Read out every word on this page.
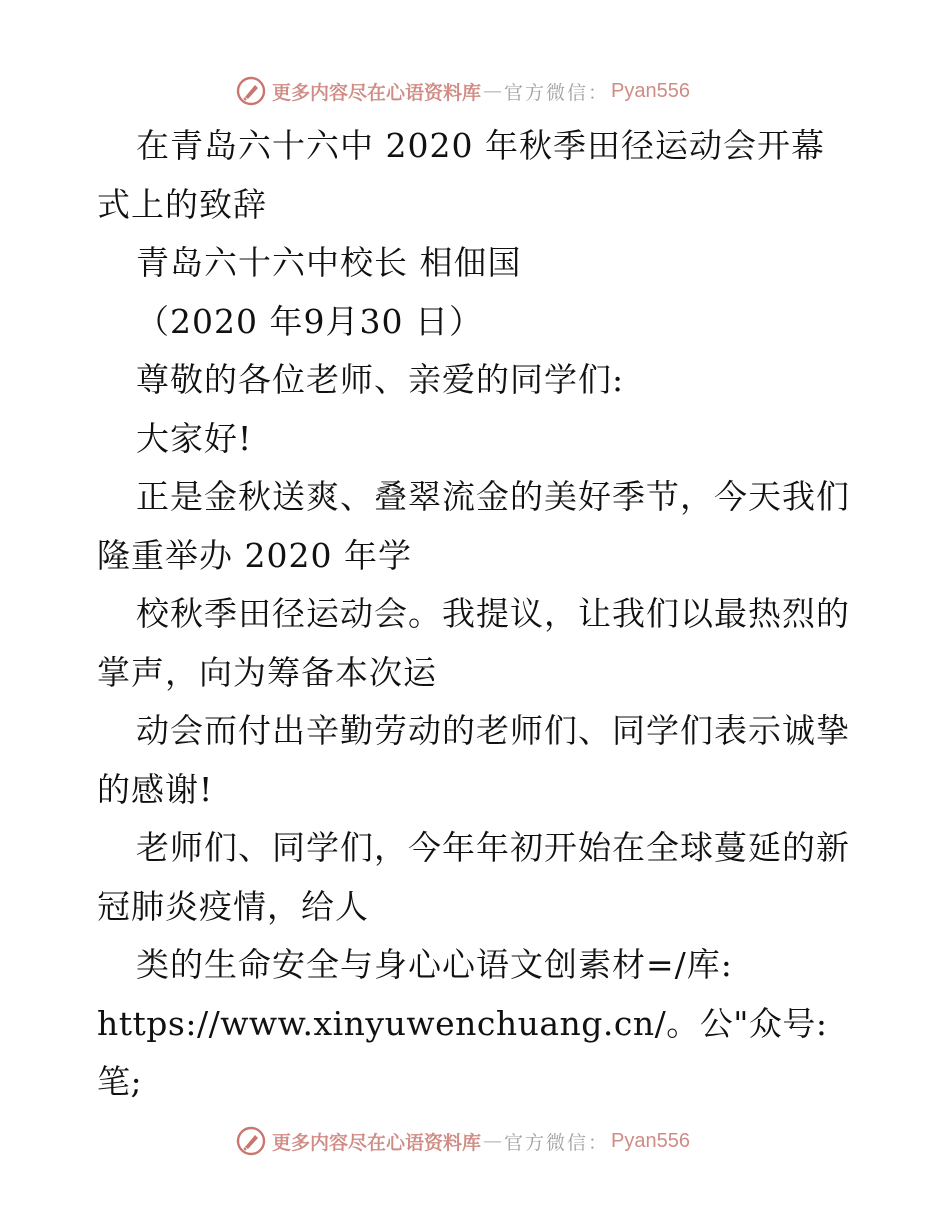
更多内容尽在心语资料库 — 官方微信 ： Pyan556

在青岛六十六中 2020 年秋季田径运动会开幕式上的致辞

青岛六十六中校长 相佃国

（2020 年9月30 日）

尊敬的各位老师、亲爱的同学们:

大家好!

正是金秋送爽、叠翠流金的美好季节，今天我们隆重举办 2020 年学

校秋季田径运动会。我提议，让我们以最热烈的掌声，向为筹备本次运

动会而付出辛勤劳动的老师们、同学们表示诚挚的感谢!

老师们、同学们，今年年初开始在全球蔓延的新冠肺炎疫情，给人

类的生命安全与身心心语文创素材=/库:

https://www.xinyuwenchuang.cn/。公"众号: 笔;

更多内容尽在心语资料库 — 官方微信 ： Pyan556
